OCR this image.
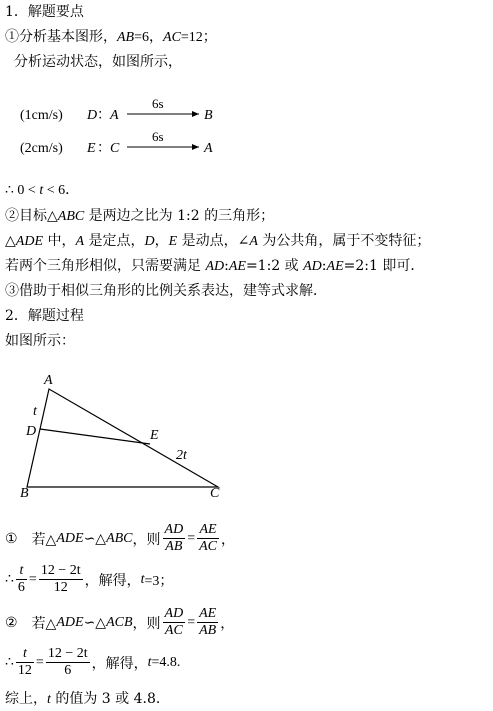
1．解题要点
①分析基本图形，AB=6，AC=12；
分析运动状态，如图所示，
(1cm/s) D ： A
6s
B
(2cm/s) E ： C
6s
A
∴ 0 < t < 6．
②目标△ABC 是两边之比为 1:2 的三角形；
△ADE 中，A 是定点，D，E 是动点，∠A 为公共角，属于不变特征；
若两个三角形相似，只需要满足 AD:AE=1:2 或 AD:AE=2:1 即可．
③借助于相似三角形的比例关系表达，建等式求解．
2．解题过程
如图所示：
A
B	C
D	E
t
2t
① 若△ ADE ∽△ ABC ，则 $\frac{AD}{AB} = \frac{AE}{AC}$ ，
∴ $\frac{t}{6} = \frac{12 - 2t}{12}$ ，解得， t =3；
② 若△ ADE ∽△ ACB ，则 $\frac{AD}{AC} = \frac{AE}{AB}$ ，
∴ $\frac{t}{12} = \frac{12 - 2t}{6}$ ，解得， t =4.8.
综上，t 的值为 3 或 4.8.
